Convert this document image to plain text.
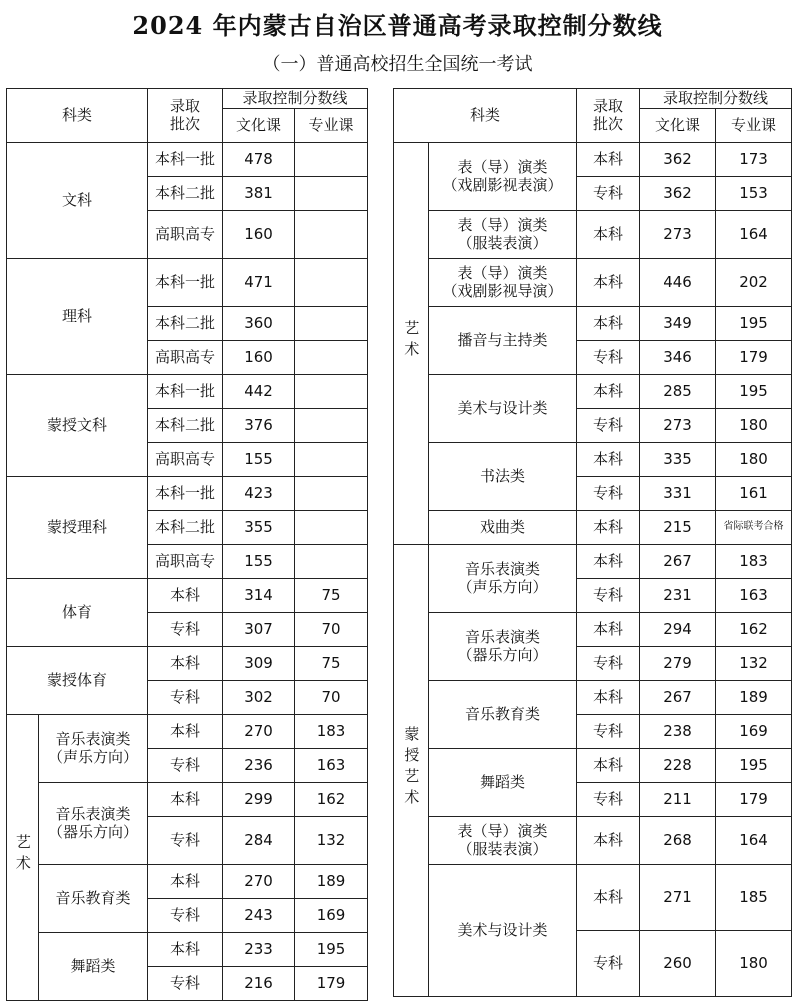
2024 年内蒙古自治区普通高考录取控制分数线
（一）普通高校招生全国统一考试
科类		录取
批次	录取控制分数线	
			文化课	专业课
文科		本科一批	478	
		本科二批	381	
		高职高专	160	
理科		本科一批	471	
		本科二批	360	
		高职高专	160	
蒙授文科		本科一批	442	
		本科二批	376	
		高职高专	155	
蒙授理科		本科一批	423	
		本科二批	355	
		高职高专	155	
体育		本科	314	75
		专科	307	70
蒙授体育		本科	309	75
		专科	302	70
艺术	音乐表演类
（声乐方向）	本科	270	183
		专科	236	163
	音乐表演类
（器乐方向）	本科	299	162
		专科	284	132
	音乐教育类	本科	270	189
		专科	243	169
	舞蹈类	本科	233	195
		专科	216	179
科类		录取
批次	录取控制分数线	
			文化课	专业课
艺术	表（导）演类
（戏剧影视表演）	本科	362	173
		专科	362	153
	表（导）演类
（服装表演）	本科	273	164
	表（导）演类
（戏剧影视导演）	本科	446	202
	播音与主持类	本科	349	195
		专科	346	179
	美术与设计类	本科	285	195
		专科	273	180
	书法类	本科	335	180
		专科	331	161
	戏曲类	本科	215	省际联考合格
蒙授艺术	音乐表演类
（声乐方向）	本科	267	183
		专科	231	163
	音乐表演类
（器乐方向）	本科	294	162
		专科	279	132
	音乐教育类	本科	267	189
		专科	238	169
	舞蹈类	本科	228	195
		专科	211	179
	表（导）演类
（服装表演）	本科	268	164
	美术与设计类	本科	271	185
		专科	260	180
